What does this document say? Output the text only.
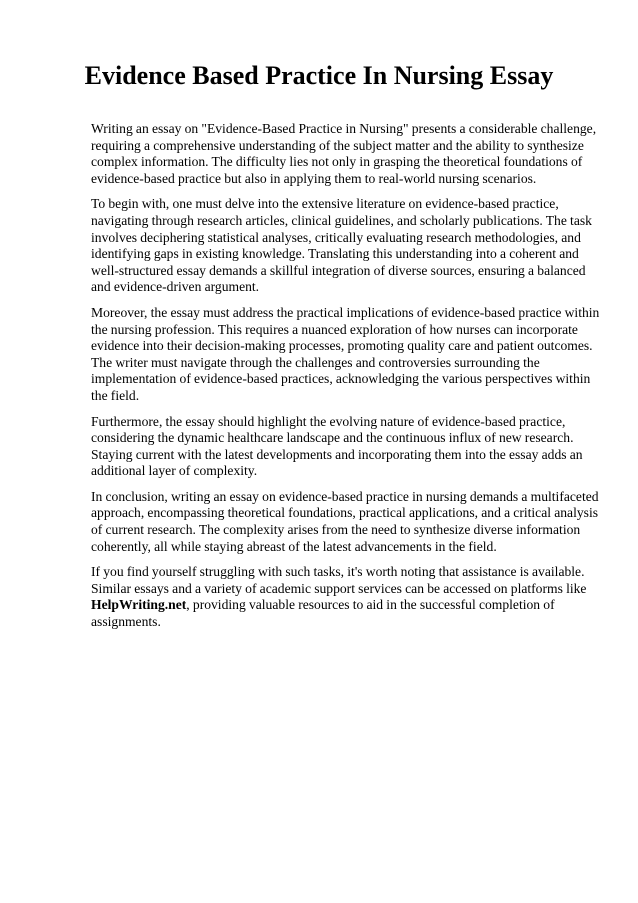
Evidence Based Practice In Nursing Essay

Writing an essay on "Evidence-Based Practice in Nursing" presents a considerable challenge, requiring a comprehensive understanding of the subject matter and the ability to synthesize complex information. The difficulty lies not only in grasping the theoretical foundations of evidence-based practice but also in applying them to real-world nursing scenarios.

To begin with, one must delve into the extensive literature on evidence-based practice, navigating through research articles, clinical guidelines, and scholarly publications. The task involves deciphering statistical analyses, critically evaluating research methodologies, and identifying gaps in existing knowledge. Translating this understanding into a coherent and well-structured essay demands a skillful integration of diverse sources, ensuring a balanced and evidence-driven argument.

Moreover, the essay must address the practical implications of evidence-based practice within the nursing profession. This requires a nuanced exploration of how nurses can incorporate evidence into their decision-making processes, promoting quality care and patient outcomes. The writer must navigate through the challenges and controversies surrounding the implementation of evidence-based practices, acknowledging the various perspectives within the field.

Furthermore, the essay should highlight the evolving nature of evidence-based practice, considering the dynamic healthcare landscape and the continuous influx of new research. Staying current with the latest developments and incorporating them into the essay adds an additional layer of complexity.

In conclusion, writing an essay on evidence-based practice in nursing demands a multifaceted approach, encompassing theoretical foundations, practical applications, and a critical analysis of current research. The complexity arises from the need to synthesize diverse information coherently, all while staying abreast of the latest advancements in the field.

If you find yourself struggling with such tasks, it's worth noting that assistance is available. Similar essays and a variety of academic support services can be accessed on platforms like HelpWriting.net, providing valuable resources to aid in the successful completion of assignments.
